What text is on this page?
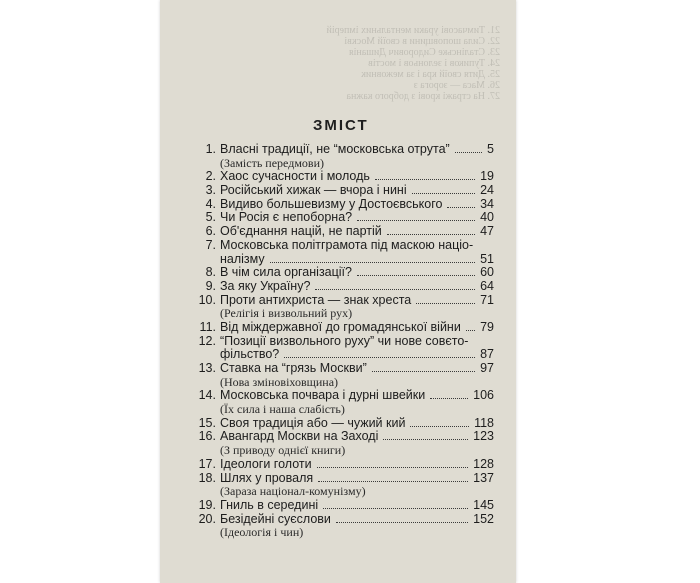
21. Тимчасові ураки ментальних імперій
22. Сила шоповщини в своїй Москві
23. Сталінське Сидорович Дишанія
24. Тупиков і зелоньов і мостів
25. Дитя своїй кра і за межовник
26. Маса — зорога з
27. На стражі крові з доброго кажна
ЗМІСТ
1. Власні традиції, не “московська отрута”	5
(Замість передмови)
2. Хаос сучасности і молодь	19
3. Російський хижак — вчора і нині	24
4. Видиво большевизму у Достоєвського	34
5. Чи Росія є непоборна?	40
6. Об'єднання націй, не партій	47
7. Московська політграмота під маскою націо-
налізму	51
8. В чім сила організації?	60
9. За яку Україну?	64
10. Проти антихриста — знак хреста	71
(Релігія і визвольний рух)
11. Від міждержавної до громадянської війни 79
12. “Позиції визвольного руху” чи нове совєто-
фільство?	87
13. Ставка на “грязь Москви”	97
(Нова змінoвіховщина)
14. Московська почвара і дурні швейки	106
(Їх сила і наша слабість)
15. Своя традиція або — чужий кий	118
16. Авангард Москви на Заході	123
(З приводу однієї книги)
17. Ідеологи голоти	128
18. Шлях у проваля	137
(Зараза націонал-комунізму)
19. Гниль в середині	145
20. Безідейні суєслови	152
(Ідеологія і чин)
